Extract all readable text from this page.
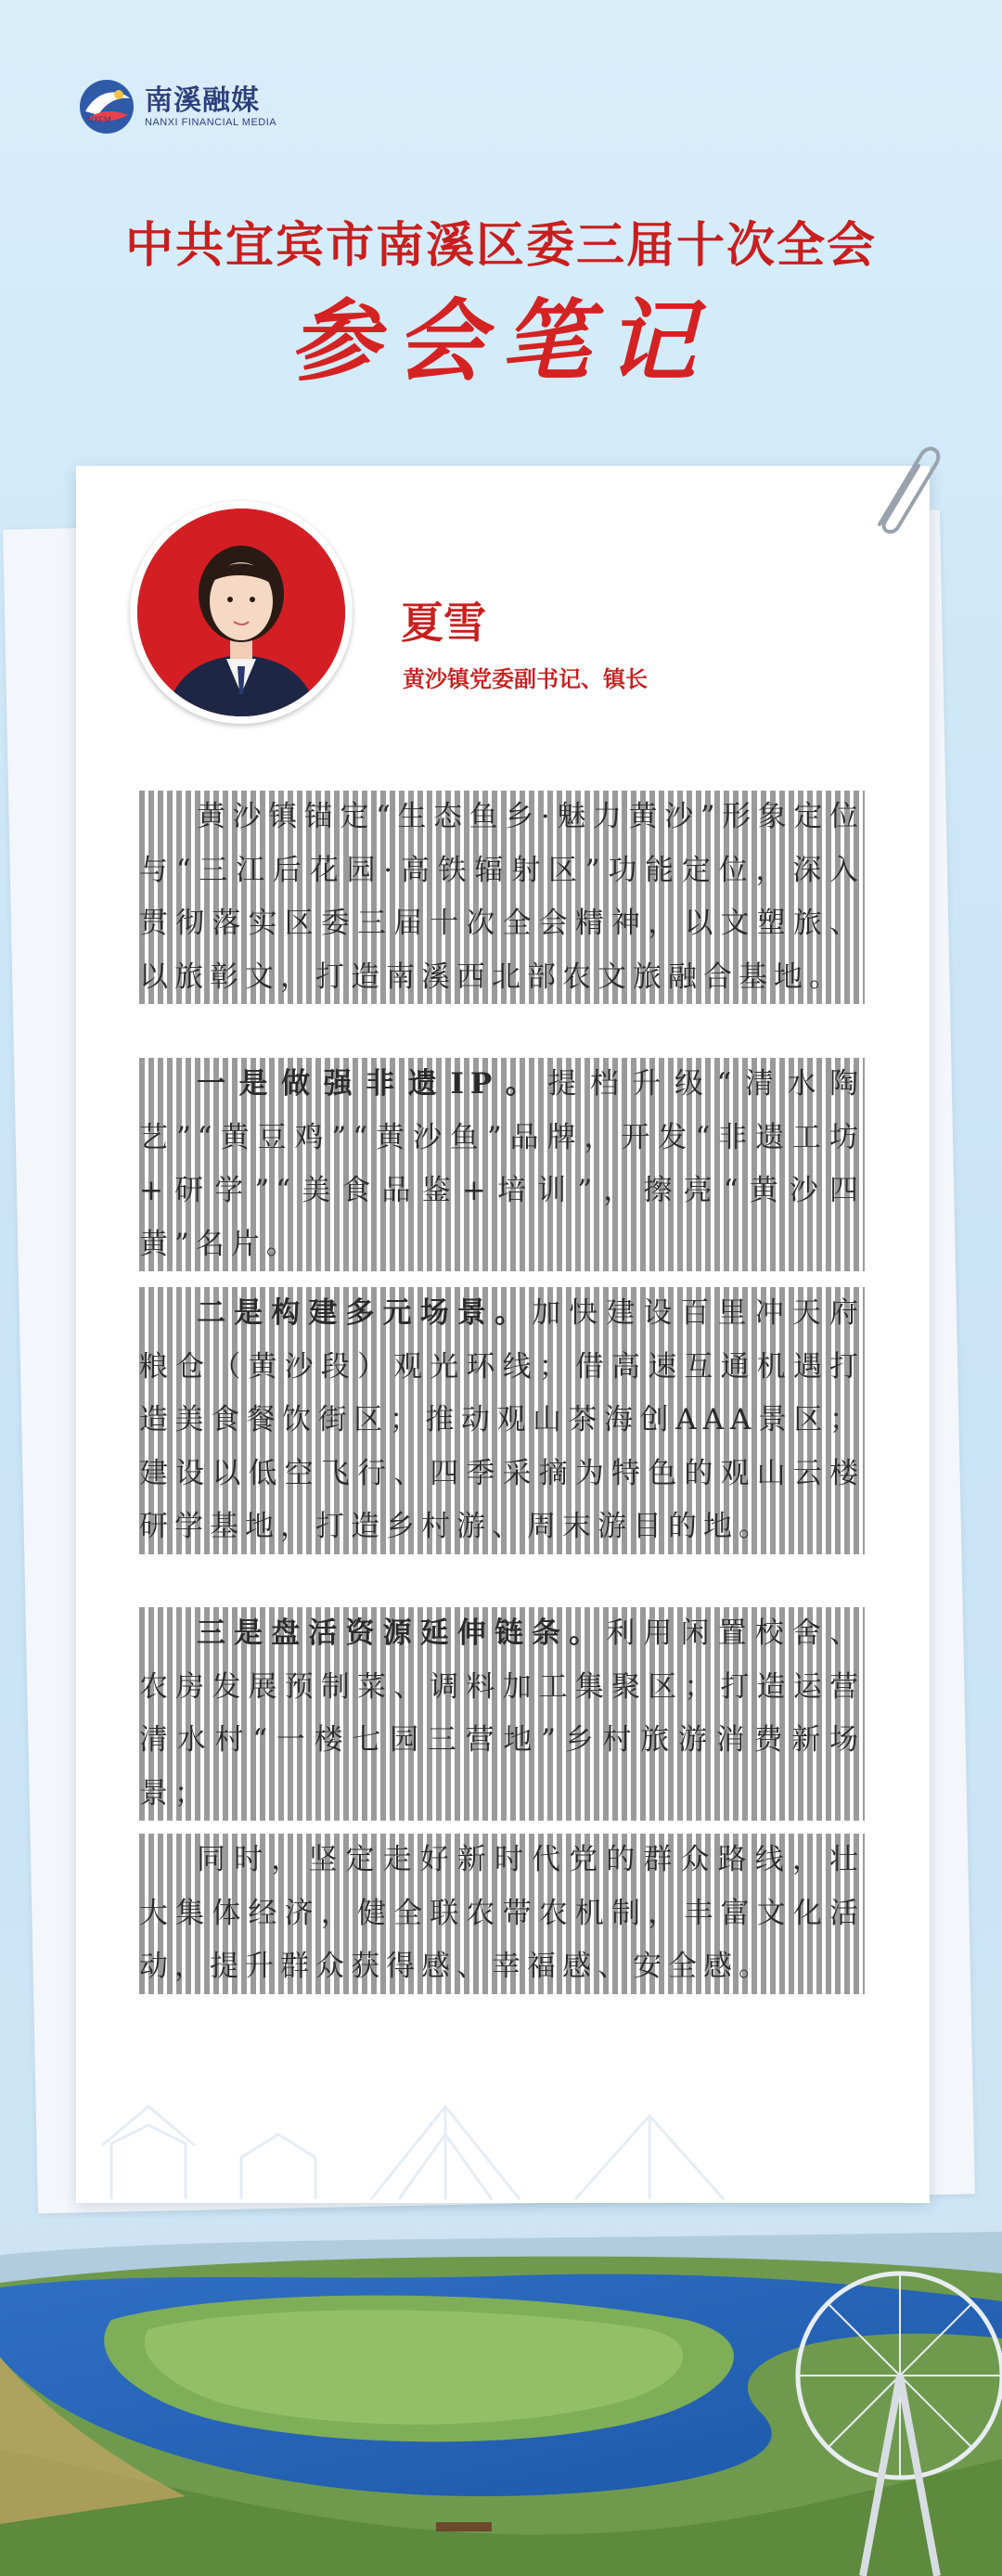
南溪融媒
NANXI FINANCIAL MEDIA
NXFM
中共宜宾市南溪区委三届十次全会
参会笔记
夏雪
黄沙镇党委副书记、镇长

黄沙镇锚定“生态鱼乡·魅力黄沙”形象定位与“三江后花园·高铁辐射区”功能定位，深入贯彻落实区委三届十次全会精神，以文塑旅、以旅彰文，打造南溪西北部农文旅融合基地。

一是做强非遗IP。提档升级“清水陶艺”“黄豆鸡”“黄沙鱼”品牌，开发“非遗工坊+研学”“美食品鉴+培训”，擦亮“黄沙四黄”名片。

二是构建多元场景。加快建设百里冲天府粮仓（黄沙段）观光环线；借高速互通机遇打造美食餐饮街区；推动观山茶海创AAA景区；建设以低空飞行、四季采摘为特色的观山云楼研学基地，打造乡村游、周末游目的地。

三是盘活资源延伸链条。利用闲置校舍、农房发展预制菜、调料加工集聚区；打造运营清水村“一楼七园三营地”乡村旅游消费新场景；

同时，坚定走好新时代党的群众路线，壮大集体经济，健全联农带农机制，丰富文化活动，提升群众获得感、幸福感、安全感。
